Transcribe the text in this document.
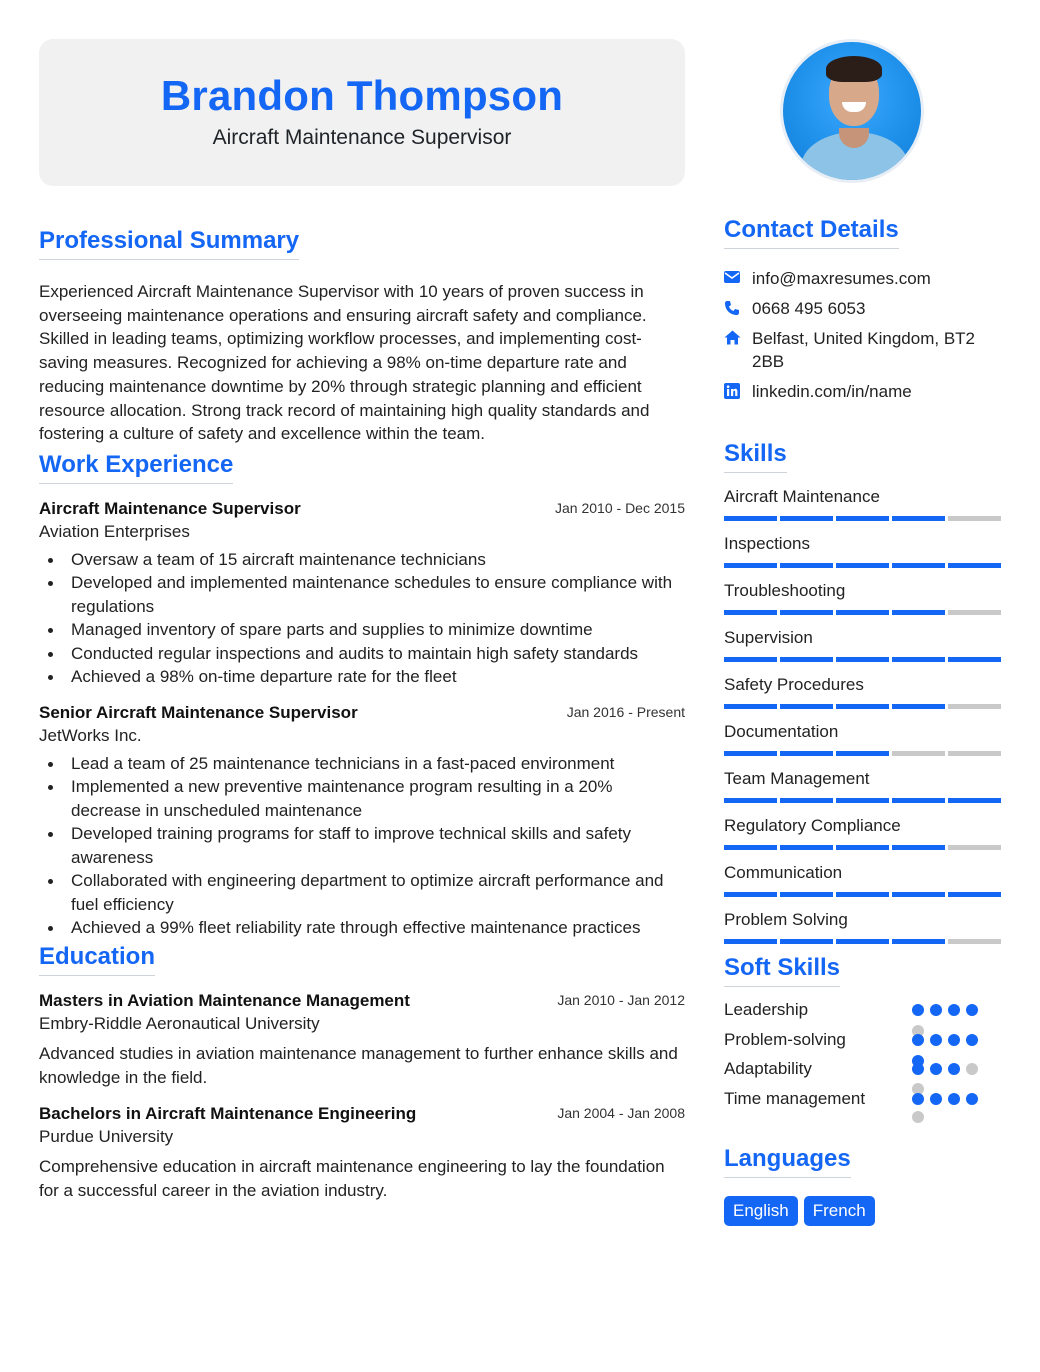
Brandon Thompson
Aircraft Maintenance Supervisor
Professional Summary

Experienced Aircraft Maintenance Supervisor with 10 years of proven success in overseeing maintenance operations and ensuring aircraft safety and compliance. Skilled in leading teams, optimizing workflow processes, and implementing cost-saving measures. Recognized for achieving a 98% on-time departure rate and reducing maintenance downtime by 20% through strategic planning and efficient resource allocation. Strong track record of maintaining high quality standards and fostering a culture of safety and excellence within the team.

Work Experience
Aircraft Maintenance Supervisor	Jan 2010 - Dec 2015
Aviation Enterprises
Oversaw a team of 15 aircraft maintenance technicians
Developed and implemented maintenance schedules to ensure compliance with regulations
Managed inventory of spare parts and supplies to minimize downtime
Conducted regular inspections and audits to maintain high safety standards
Achieved a 98% on-time departure rate for the fleet
Senior Aircraft Maintenance Supervisor	Jan 2016 - Present
JetWorks Inc.
Lead a team of 25 maintenance technicians in a fast-paced environment
Implemented a new preventive maintenance program resulting in a 20% decrease in unscheduled maintenance
Developed training programs for staff to improve technical skills and safety awareness
Collaborated with engineering department to optimize aircraft performance and fuel efficiency
Achieved a 99% fleet reliability rate through effective maintenance practices
Education
Masters in Aviation Maintenance Management	Jan 2010 - Jan 2012
Embry-Riddle Aeronautical University

Advanced studies in aviation maintenance management to further enhance skills and knowledge in the field.

Bachelors in Aircraft Maintenance Engineering	Jan 2004 - Jan 2008
Purdue University

Comprehensive education in aircraft maintenance engineering to lay the foundation for a successful career in the aviation industry.

Contact Details
info@maxresumes.com
0668 495 6053
Belfast, United Kingdom, BT2 2BB
linkedin.com/in/name
Skills
Aircraft Maintenance
Inspections
Troubleshooting
Supervision
Safety Procedures
Documentation
Team Management
Regulatory Compliance
Communication
Problem Solving
Soft Skills
Leadership
Problem-solving
Adaptability
Time management
Languages
English	French
